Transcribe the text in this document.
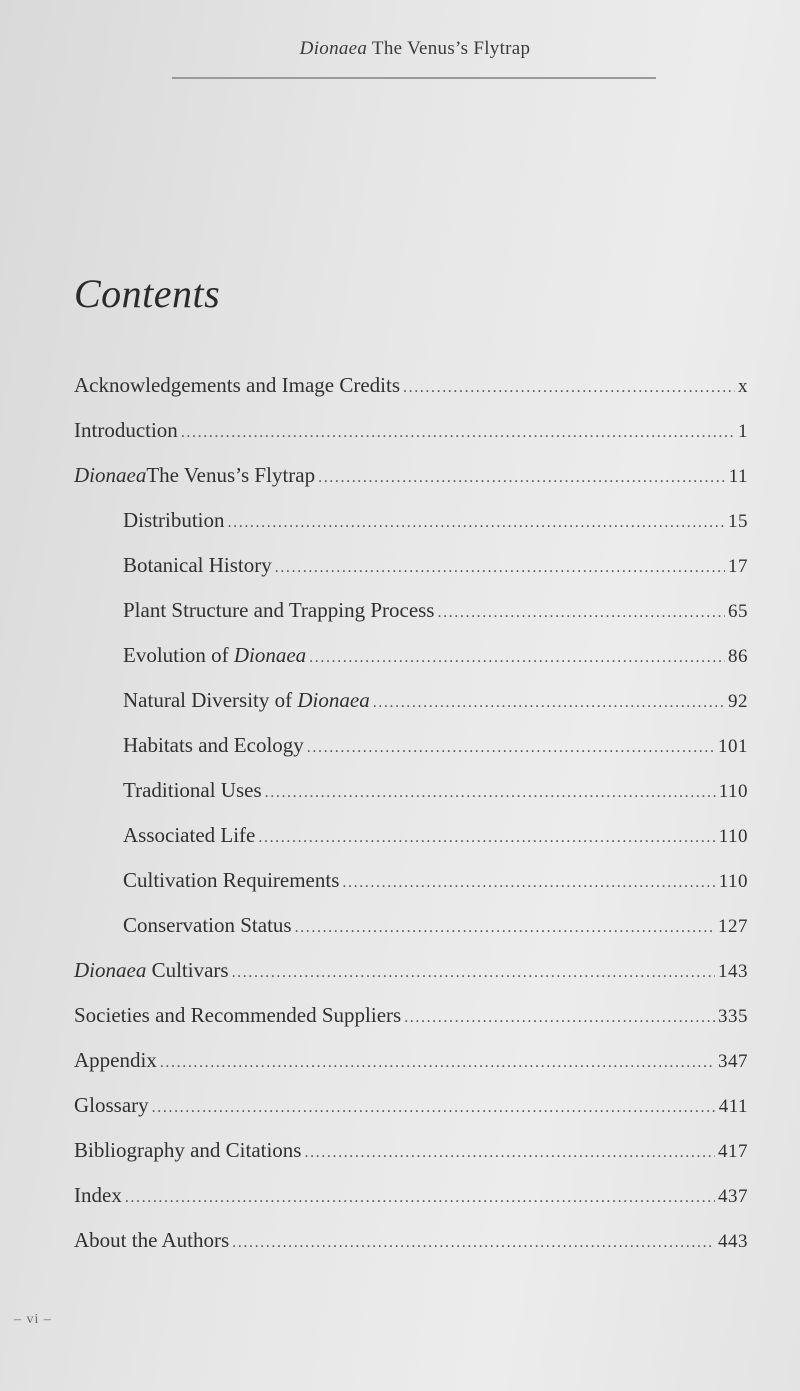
Dionaea The Venus’s Flytrap
Contents
Acknowledgements and Image Credits .....	x
Introduction .....	1
DionaeaThe Venus’s Flytrap .....	11
Distribution .....	15
Botanical History .....	17
Plant Structure and Trapping Process .....	65
Evolution of Dionaea .....	86
Natural Diversity of Dionaea .....	92
Habitats and Ecology .....	101
Traditional Uses .....	110
Associated Life .....	110
Cultivation Requirements .....	110
Conservation Status .....	127
Dionaea Cultivars .....	143
Societies and Recommended Suppliers .....	335
Appendix .....	347
Glossary .....	411
Bibliography and Citations .....	417
Index .....	437
About the Authors .....	443
– vi –
